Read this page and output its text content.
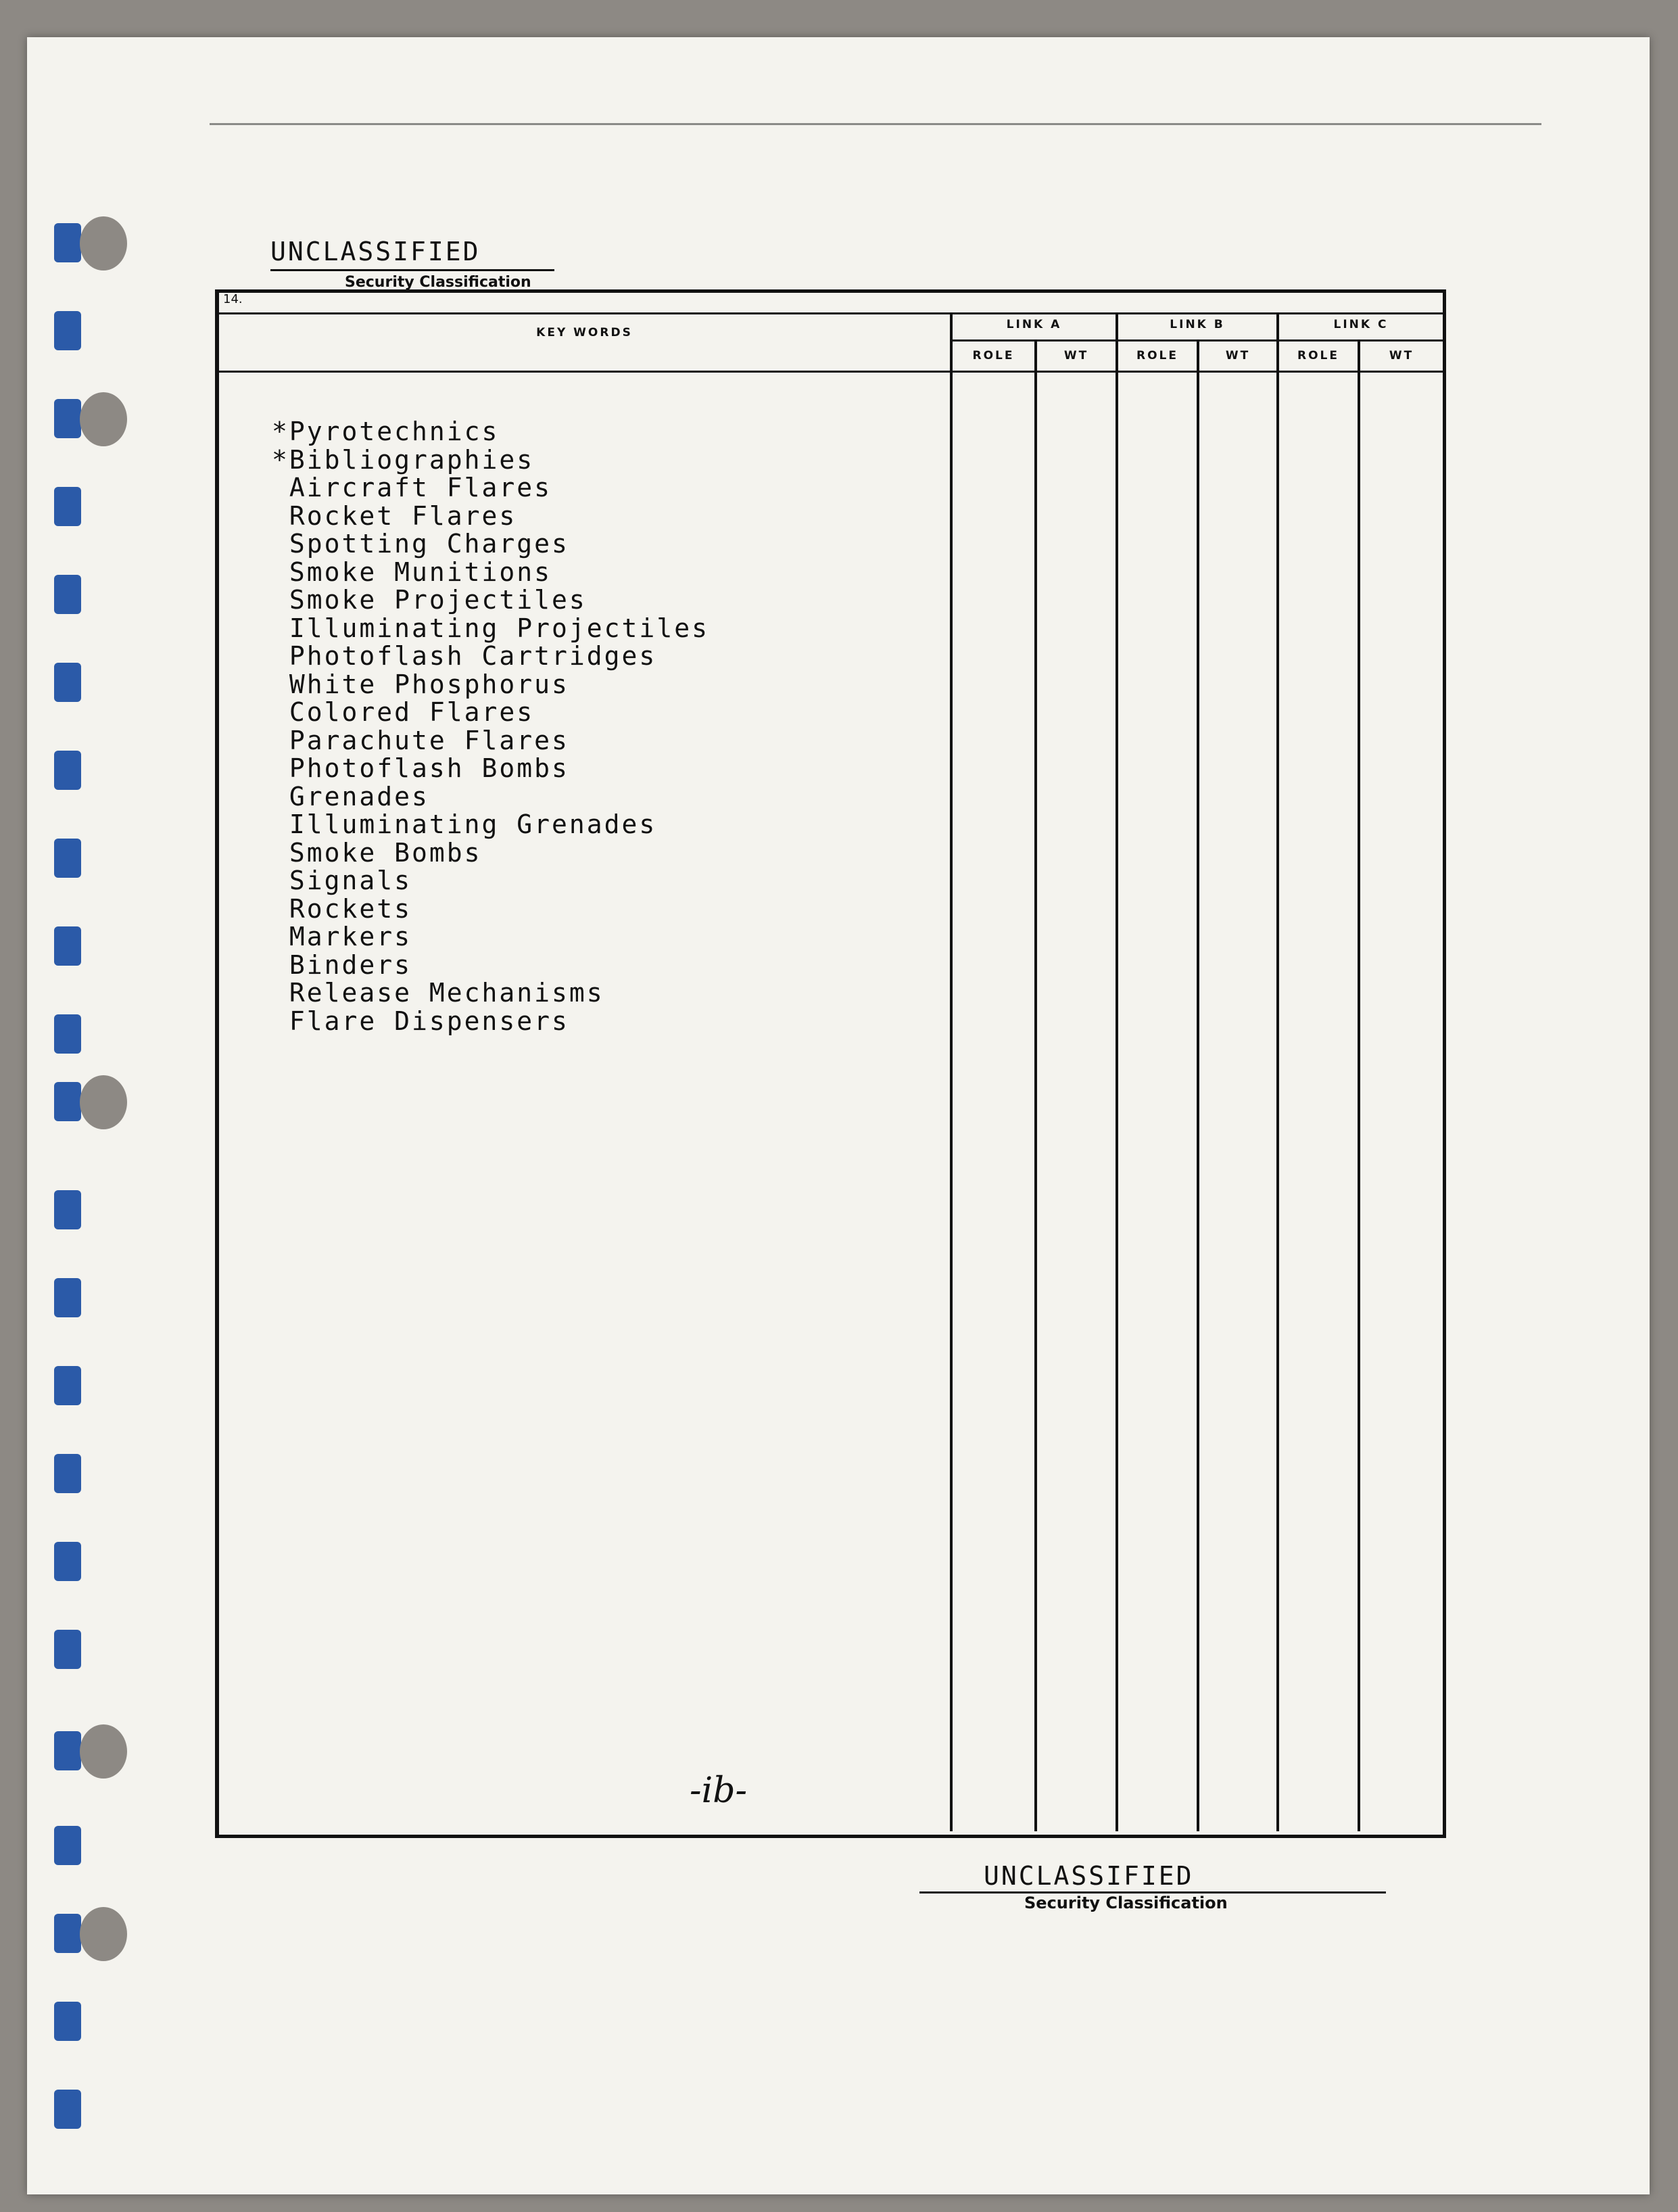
UNCLASSIFIED
Security Classification
14.
KEY WORDS
LINK A	LINK B	LINK C
ROLE	WT	ROLE	WT	ROLE	WT
*Pyrotechnics
*Bibliographies
Aircraft Flares
Rocket Flares
Spotting Charges
Smoke Munitions
Smoke Projectiles
Illuminating Projectiles
Photoflash Cartridges
White Phosphorus
Colored Flares
Parachute Flares
Photoflash Bombs
Grenades
Illuminating Grenades
Smoke Bombs
Signals
Rockets
Markers
Binders
Release Mechanisms
Flare Dispensers
-ib-
UNCLASSIFIED
Security Classification
